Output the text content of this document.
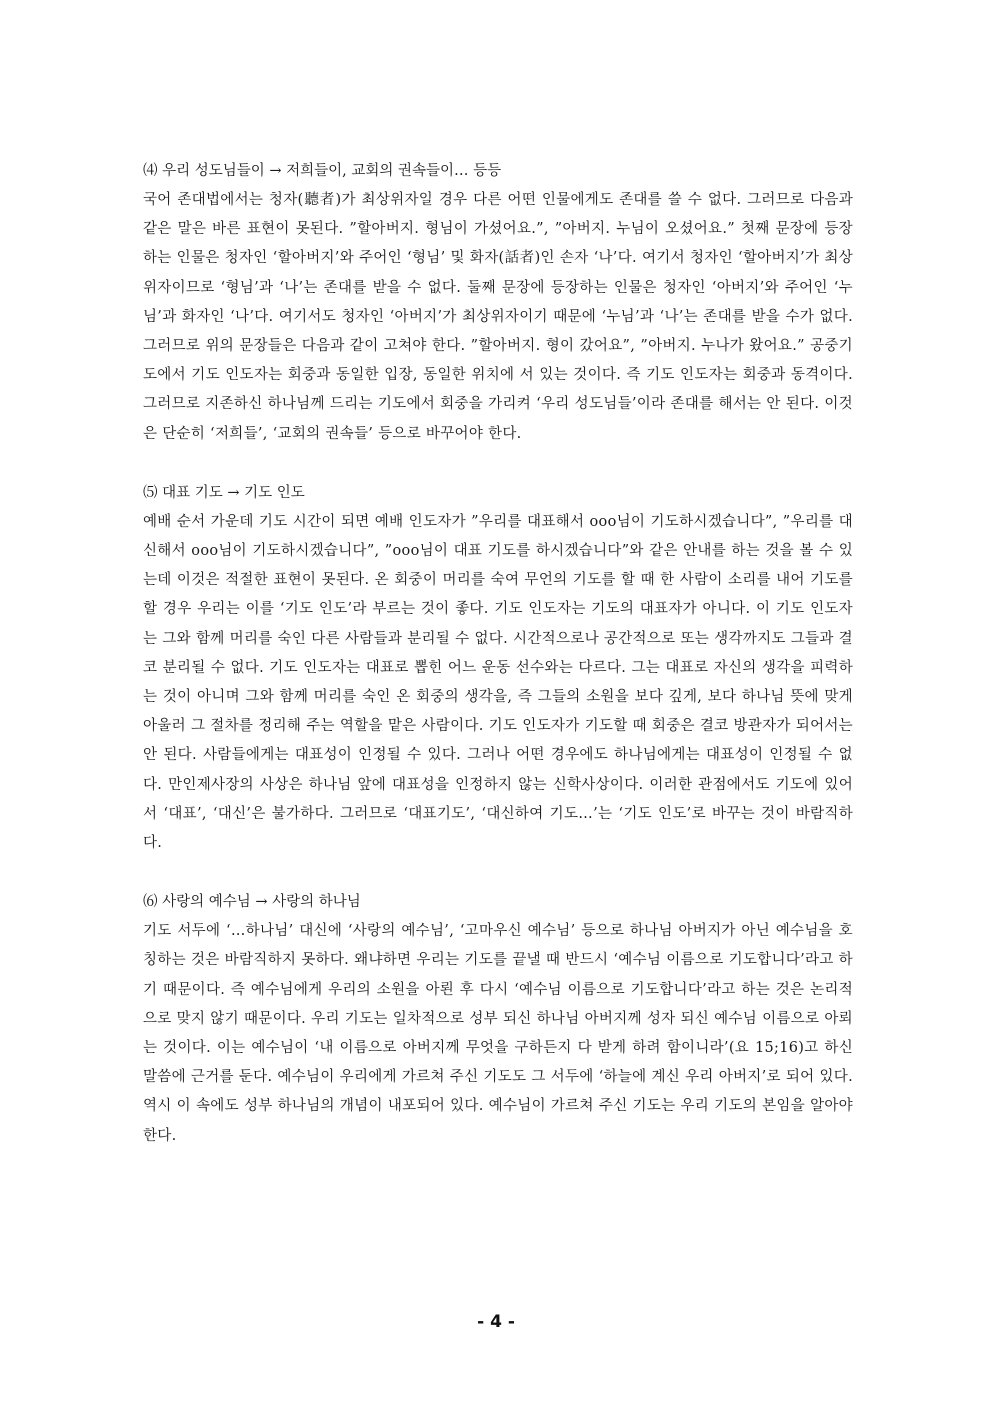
⑷ 우리 성도님들이 → 저희들이, 교회의 권속들이… 등등

국어 존대법에서는 청자(聽者)가 최상위자일 경우 다른 어떤 인물에게도 존대를 쓸 수 없다. 그러므로 다음과 같은 말은 바른 표현이 못된다. ”할아버지. 형님이 가셨어요.”, ”아버지. 누님이 오셨어요.” 첫째 문장에 등장하는 인물은 청자인 ‘할아버지’와 주어인 ‘형님’ 및 화자(話者)인 손자 ‘나’다. 여기서 청자인 ‘할아버지’가 최상위자이므로 ‘형님’과 ‘나’는 존대를 받을 수 없다. 둘째 문장에 등장하는 인물은 청자인 ‘아버지’와 주어인 ‘누님’과 화자인 ‘나’다. 여기서도 청자인 ‘아버지’가 최상위자이기 때문에 ‘누님’과 ‘나’는 존대를 받을 수가 없다. 그러므로 위의 문장들은 다음과 같이 고쳐야 한다. ”할아버지. 형이 갔어요”, ”아버지. 누나가 왔어요.” 공중기도에서 기도 인도자는 회중과 동일한 입장, 동일한 위치에 서 있는 것이다. 즉 기도 인도자는 회중과 동격이다. 그러므로 지존하신 하나님께 드리는 기도에서 회중을 가리켜 ‘우리 성도님들’이라 존대를 해서는 안 된다. 이것은 단순히 ‘저희들’, ‘교회의 권속들’ 등으로 바꾸어야 한다.

⑸ 대표 기도 → 기도 인도

예배 순서 가운데 기도 시간이 되면 예배 인도자가 ”우리를 대표해서 ooo님이 기도하시겠습니다”, ”우리를 대신해서 ooo님이 기도하시겠습니다”, ”ooo님이 대표 기도를 하시겠습니다”와 같은 안내를 하는 것을 볼 수 있는데 이것은 적절한 표현이 못된다. 온 회중이 머리를 숙여 무언의 기도를 할 때 한 사람이 소리를 내어 기도를 할 경우 우리는 이를 ‘기도 인도’라 부르는 것이 좋다. 기도 인도자는 기도의 대표자가 아니다. 이 기도 인도자는 그와 함께 머리를 숙인 다른 사람들과 분리될 수 없다. 시간적으로나 공간적으로 또는 생각까지도 그들과 결코 분리될 수 없다. 기도 인도자는 대표로 뽑힌 어느 운동 선수와는 다르다. 그는 대표로 자신의 생각을 피력하는 것이 아니며 그와 함께 머리를 숙인 온 회중의 생각을, 즉 그들의 소원을 보다 깊게, 보다 하나님 뜻에 맞게 아울러 그 절차를 정리해 주는 역할을 맡은 사람이다. 기도 인도자가 기도할 때 회중은 결코 방관자가 되어서는 안 된다. 사람들에게는 대표성이 인정될 수 있다. 그러나 어떤 경우에도 하나님에게는 대표성이 인정될 수 없다. 만인제사장의 사상은 하나님 앞에 대표성을 인정하지 않는 신학사상이다. 이러한 관점에서도 기도에 있어서 ‘대표’, ‘대신’은 불가하다. 그러므로 ‘대표기도’, ‘대신하여 기도…’는 ‘기도 인도’로 바꾸는 것이 바람직하다.

⑹ 사랑의 예수님 → 사랑의 하나님

기도 서두에 ‘…하나님’ 대신에 ‘사랑의 예수님’, ‘고마우신 예수님’ 등으로 하나님 아버지가 아닌 예수님을 호칭하는 것은 바람직하지 못하다. 왜냐하면 우리는 기도를 끝낼 때 반드시 ‘예수님 이름으로 기도합니다’라고 하기 때문이다. 즉 예수님에게 우리의 소원을 아뢴 후 다시 ‘예수님 이름으로 기도합니다’라고 하는 것은 논리적으로 맞지 않기 때문이다. 우리 기도는 일차적으로 성부 되신 하나님 아버지께 성자 되신 예수님 이름으로 아뢰는 것이다. 이는 예수님이 ‘내 이름으로 아버지께 무엇을 구하든지 다 받게 하려 함이니라’(요 15;16)고 하신 말씀에 근거를 둔다. 예수님이 우리에게 가르쳐 주신 기도도 그 서두에 ‘하늘에 계신 우리 아버지’로 되어 있다. 역시 이 속에도 성부 하나님의 개념이 내포되어 있다. 예수님이 가르쳐 주신 기도는 우리 기도의 본임을 알아야 한다.

- 4 -
